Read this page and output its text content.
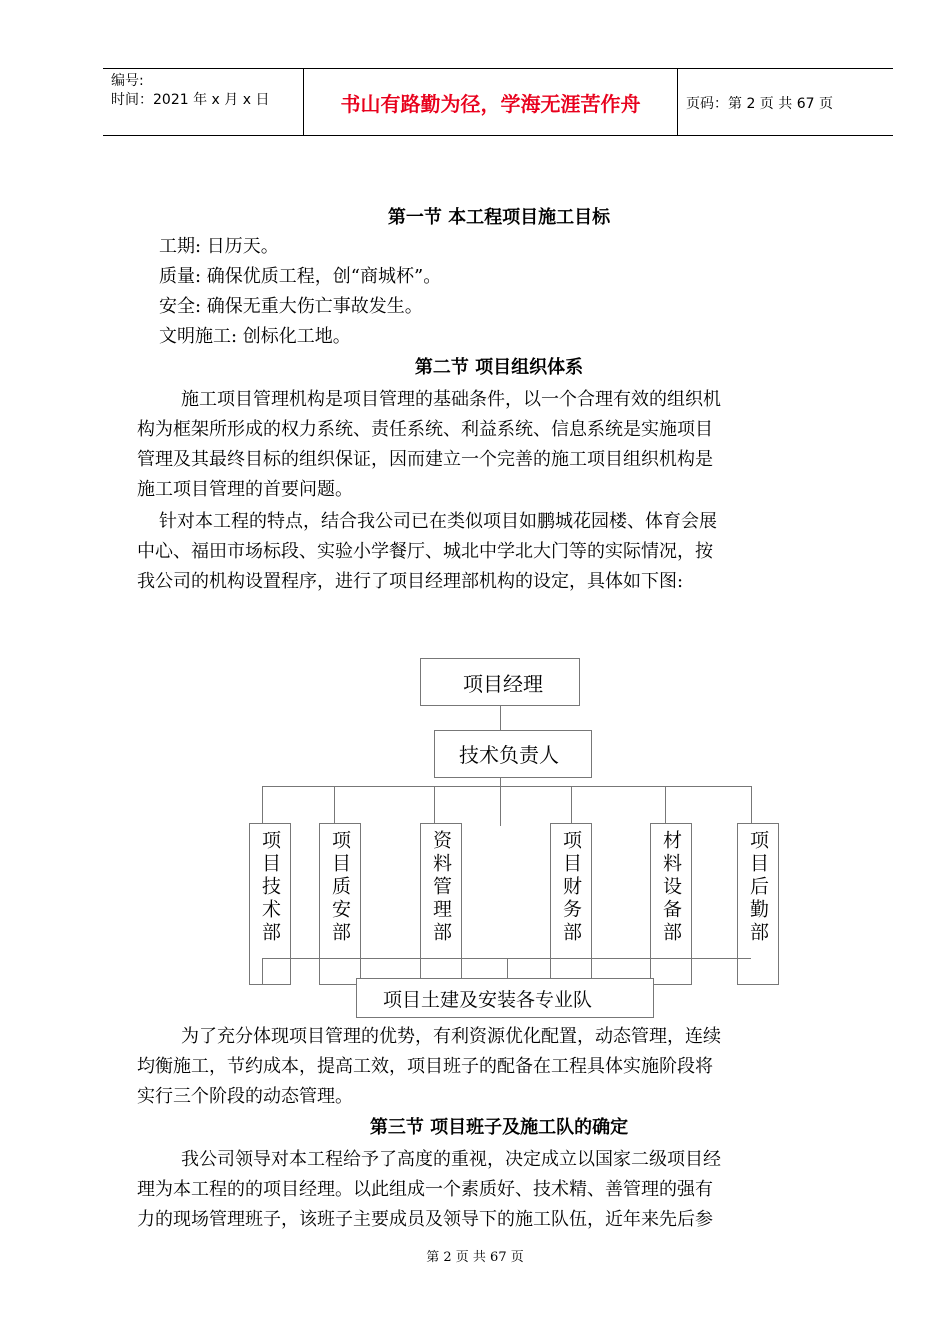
编号:
时间：2021 年 x 月 x 日	书山有路勤为径，学海无涯苦作舟	页码：第 2 页 共 67 页
第一节 本工程项目施工目标
工期: 日历天。
质量: 确保优质工程，创“商城杯”。
安全: 确保无重大伤亡事故发生。
文明施工: 创标化工地。
第二节 项目组织体系
施工项目管理机构是项目管理的基础条件，以一个合理有效的组织机
构为框架所形成的权力系统、责任系统、利益系统、信息系统是实施项目
管理及其最终目标的组织保证，因而建立一个完善的施工项目组织机构是
施工项目管理的首要问题。
针对本工程的特点，结合我公司已在类似项目如鹏城花园楼、体育会展
中心、福田市场标段、实验小学餐厅、城北中学北大门等的实际情况，按
我公司的机构设置程序，进行了项目经理部机构的设定，具体如下图:
项目经理
技术负责人
项目技术部	项目质安部	资料管理部	项目财务部	材料设备部	项目后勤部
项目土建及安装各专业队
为了充分体现项目管理的优势，有利资源优化配置，动态管理，连续
均衡施工，节约成本，提高工效，项目班子的配备在工程具体实施阶段将
实行三个阶段的动态管理。
第三节 项目班子及施工队的确定
我公司领导对本工程给予了高度的重视，决定成立以国家二级项目经
理为本工程的的项目经理。以此组成一个素质好、技术精、善管理的强有
力的现场管理班子，该班子主要成员及领导下的施工队伍，近年来先后参
第 2 页 共 67 页
